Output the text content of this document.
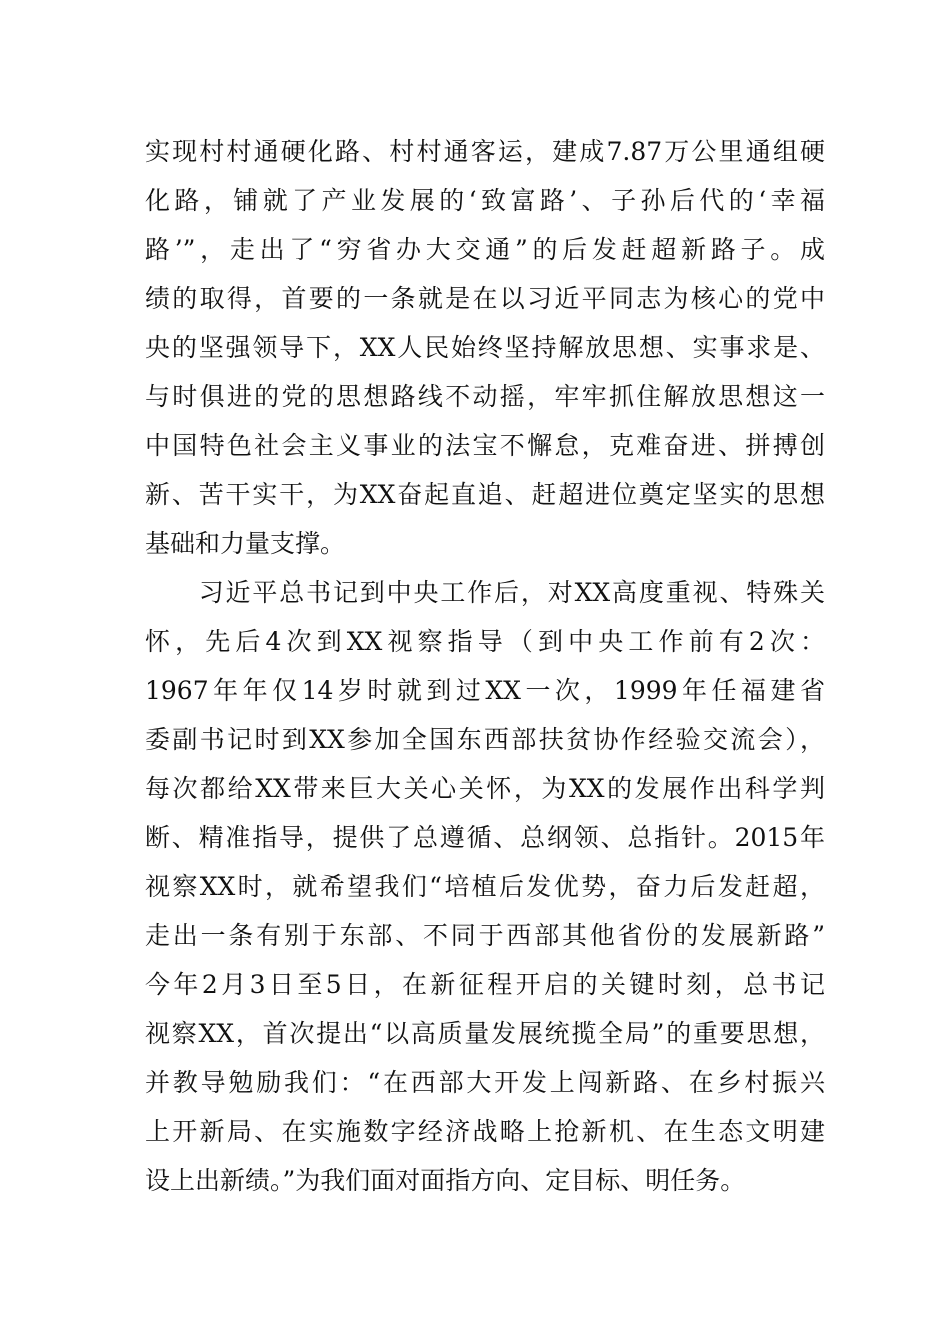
实现村村通硬化路、村村通客运，建成7.87万公里通组硬
化路，铺就了产业发展的‘致富路’、子孙后代的‘幸福
路’”，走出了“穷省办大交通”的后发赶超新路子。成
绩的取得，首要的一条就是在以习近平同志为核心的党中
央的坚强领导下，XX人民始终坚持解放思想、实事求是、
与时俱进的党的思想路线不动摇，牢牢抓住解放思想这一
中国特色社会主义事业的法宝不懈怠，克难奋进、拼搏创
新、苦干实干，为XX奋起直追、赶超进位奠定坚实的思想
基础和力量支撑。
　　习近平总书记到中央工作后，对XX高度重视、特殊关
怀，先后4次到XX视察指导（到中央工作前有2次：
1967年年仅14岁时就到过XX一次，1999年任福建省
委副书记时到XX参加全国东西部扶贫协作经验交流会），
每次都给XX带来巨大关心关怀，为XX的发展作出科学判
断、精准指导，提供了总遵循、总纲领、总指针。2015年
视察XX时，就希望我们“培植后发优势，奋力后发赶超，
走出一条有别于东部、不同于西部其他省份的发展新路”
今年2月3日至5日，在新征程开启的关键时刻，总书记
视察XX，首次提出“以高质量发展统揽全局”的重要思想，
并教导勉励我们：“在西部大开发上闯新路、在乡村振兴
上开新局、在实施数字经济战略上抢新机、在生态文明建
设上出新绩。”为我们面对面指方向、定目标、明任务。
